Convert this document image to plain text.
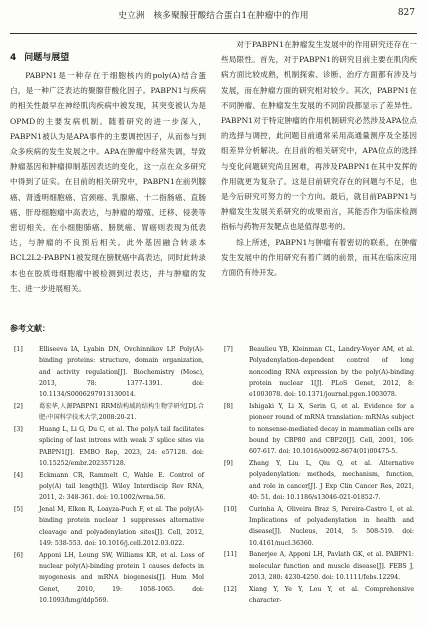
史立洲　核多聚腺苷酸结合蛋白1在肿瘤中的作用	827
4 问题与展望

PABPN1是一种存在于细胞核内的poly(A)结合蛋白，是一种广泛表达的聚腺苷酸化因子。PABPN1与疾病的相关性最早在神经肌肉疾病中被发现，其突变被认为是OPMD的主要发病机制。随着研究的进一步深入，PABPN1被认为是APA事件的主要调控因子，从而参与到众多疾病的发生发展之中。APA在肿瘤中经常失调，导致肿瘤基因和肿瘤抑制基因表达的变化，这一点在众多研究中得到了证实。在目前的相关研究中，PABPN1在前列腺癌、肾透明细胞癌、宫颈癌、乳腺癌、十二指肠癌、直肠癌、肝母细胞瘤中高表达，与肿瘤的增殖、迁移、侵袭等密切相关。在小细胞肺癌、膀胱癌、胃癌则表现为低表达，与肿瘤的不良预后相关。此外基因融合转录本BCL2L2-PABPN1被发现在膀胱癌中高表达，同时此转录本也在胶质母细胞瘤中被检测到过表达，并与肿瘤的发生、进一步进展相关。

对于PABPN1在肿瘤发生发展中的作用研究还存在一些局限性。首先，对于PABPN1的研究目前主要在肌肉疾病方面比较成熟，机制探索、诊断、治疗方面都有涉及与发展，而在肿瘤方面的研究相对较少。其次，PABPN1在不同肿瘤、在肿瘤发生发展的不同阶段都显示了差异性。PABPN1对于特定肿瘤的作用机制研究必然涉及APA位点的选择与调控，此问题目前通常采用高通量测序及全基因组差异分析解决。在目前的相关研究中，APA位点的选择与变化问题研究尚且困难，再涉及PABPN1在其中发挥的作用就更为复杂了。这是目前研究存在的问题与不足，也是今后研究可努力的一个方向。最后，就目前PABPN1与肿瘤发生发展关系研究的成果而言，其能否作为临床检测指标与药物开发靶点也是值得思考的。

综上所述，PABPN1与肿瘤有着密切的联系，在肿瘤发生发展中的作用研究有着广阔的前景，而其在临床应用方面仍有待开发。

参考文献：
[1]	Elliseeva IA, Lyabin DN, Ovchinnikov LP. Poly(A)-binding proteins: structure, domain organization, and activity regulation[J]. Biochemistry (Mosc), 2013, 78: 1377-1391. doi: 10.1134/S0006297913130014.
[2]	葛宏华,人源PABPN1 RRM结构域的结构生物学研究[D].合肥:中国科学技术大学,2008:20-21.
[3]	Huang L, Li G, Du C, et al. The polyA tail facilitates splicing of last introns with weak 3′ splice sites via PABPN1[J]. EMBO Rep, 2023, 24: e57128. doi: 10.15252/embr.202357128.
[4]	Eckmann CR, Rammelt C, Wahle E. Control of poly(A) tail length[J]. Wiley Interdiscip Rev RNA, 2011, 2: 348-361. doi: 10.1002/wrna.56.
[5]	Jenal M, Elkon R, Loayza-Puch F, et al. The poly(A)-binding protein nuclear 1 suppresses alternative cleavage and polyadenylation sites[J]. Cell, 2012, 149: 538-553. doi: 10.1016/j.cell.2012.03.022.
[6]	Apponi LH, Leung SW, Williams KR, et al. Loss of nuclear poly(A)-binding protein 1 causes defects in myogenesis and mRNA biogenesis[J]. Hum Mol Genet, 2010, 19: 1058-1065. doi: 10.1093/hmg/ddp569.
[7]	Beaulieu YB, Kleinman CL, Landry-Voyer AM, et al. Polyadenylation-dependent control of long noncoding RNA expression by the poly(A)-binding protein nuclear 1[J]. PLoS Genet, 2012, 8: e1003078. doi: 10.1371/journal.pgen.1003078.
[8]	Ishigaki Y, Li X, Serin G, et al. Evidence for a pioneer round of mRNA translation: mRNAs subject to nonsense-mediated decay in mammalian cells are bound by CBP80 and CBP20[J]. Cell, 2001, 106: 607-617. doi: 10.1016/s0092-8674(01)00475-5.
[9]	Zhang Y, Liu L, Qiu Q, et al. Alternative polyadenylation: methods, mechanism, function, and role in cancer[J]. J Exp Clin Cancer Res, 2021, 40: 51. doi: 10.1186/s13046-021-01852-7.
[10] Curinha A, Oliveira Braz S, Pereira-Castro I, et al. Implications of polyadenylation in health and disease[J]. Nucleus, 2014, 5: 508-519. doi: 10.4161/nucl.36360.
[11] Banerjee A, Apponi LH, Pavlath GK, et al. PABPN1: molecular function and muscle disease[J]. FEBS J, 2013, 280: 4230-4250. doi: 10.1111/febs.12294.
[12] Xiang Y, Ye Y, Lou Y, et al. Comprehensive character-
